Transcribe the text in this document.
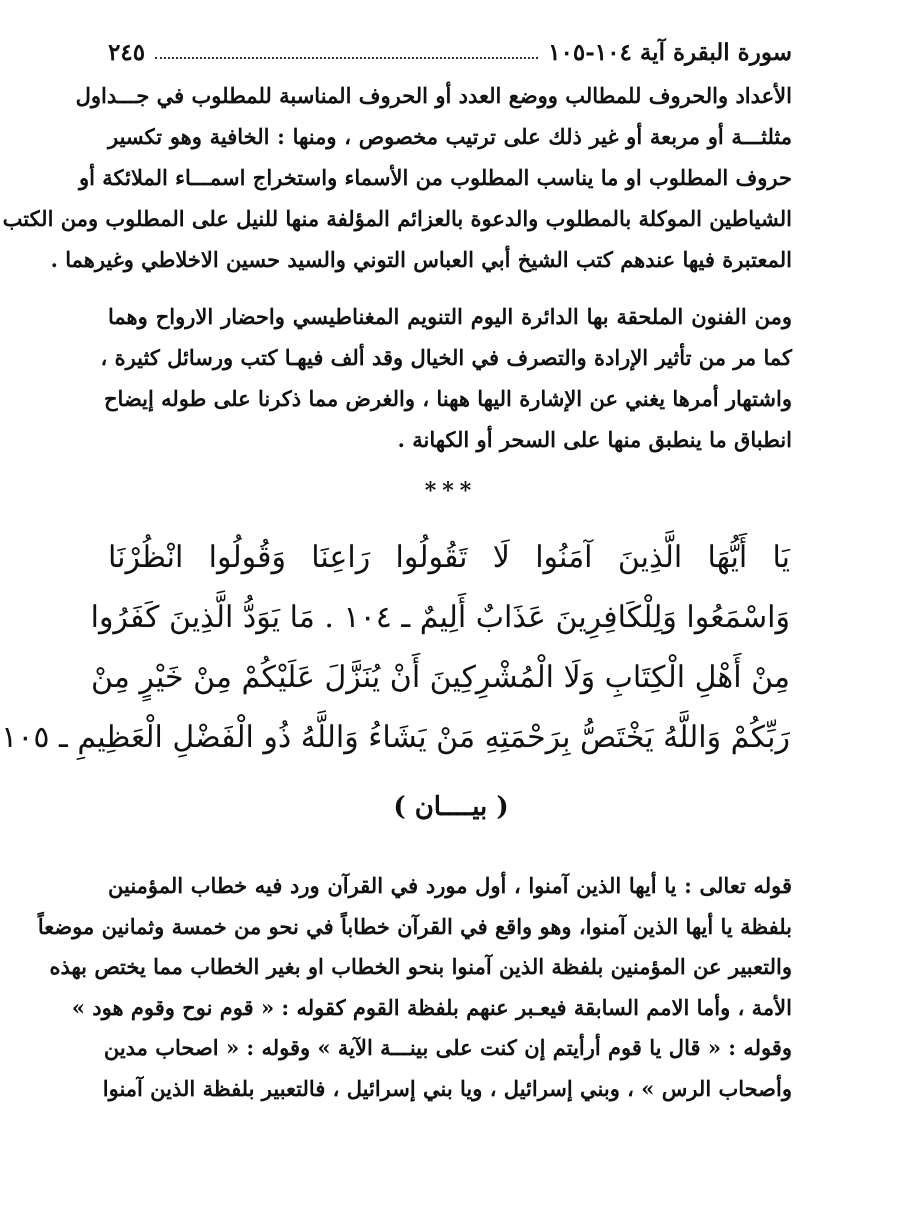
سورة البقرة آية ١٠٤-١٠٥
٢٤٥
الأعداد والحروف للمطالب ووضع العدد أو الحروف المناسبة للمطلوب في جـــداول
مثلثـــة أو مربعة أو غير ذلك على ترتيب مخصوص ، ومنها : الخافية وهو تكسير
حروف المطلوب او ما يناسب المطلوب من الأسماء واستخراج اسمـــاء الملائكة أو
الشياطين الموكلة بالمطلوب والدعوة بالعزائم المؤلفة منها للنيل على المطلوب ومن الكتب
المعتبرة فيها عندهم كتب الشيخ أبي العباس التوني والسيد حسين الاخلاطي وغيرهما .
ومن الفنون الملحقة بها الدائرة اليوم التنويم المغناطيسي واحضار الارواح وهما
كما مر من تأثير الإرادة والتصرف في الخيال وقد ألف فيهـا كتب ورسائل كثيرة ،
واشتهار أمرها يغني عن الإشارة اليها ههنا ، والغرض مما ذكرنا على طوله إيضاح
انطباق ما ينطبق منها على السحر أو الكهانة .
***
يَا أَيُّهَا الَّذِينَ آمَنُوا لَا تَقُولُوا رَاعِنَا وَقُولُوا انْظُرْنَا
وَاسْمَعُوا وَلِلْكَافِرِينَ عَذَابٌ أَلِيمٌ ـ ١٠٤ . مَا يَوَدُّ الَّذِينَ كَفَرُوا
مِنْ أَهْلِ الْكِتَابِ وَلَا الْمُشْرِكِينَ أَنْ يُنَزَّلَ عَلَيْكُمْ مِنْ خَيْرٍ مِنْ
رَبِّكُمْ وَاللَّهُ يَخْتَصُّ بِرَحْمَتِهِ مَنْ يَشَاءُ وَاللَّهُ ذُو الْفَضْلِ الْعَظِيمِ ـ ١٠٥
( بيــــان )
قوله تعالى : يا أيها الذين آمنوا ، أول مورد في القرآن ورد فيه خطاب المؤمنين
بلفظة يا أيها الذين آمنوا، وهو واقع في القرآن خطاباً في نحو من خمسة وثمانين موضعاً
والتعبير عن المؤمنين بلفظة الذين آمنوا بنحو الخطاب او بغير الخطاب مما يختص بهذه
الأمة ، وأما الامم السابقة فيعـبر عنهم بلفظة القوم كقوله : « قوم نوح وقوم هود »
وقوله : « قال يا قوم أرأيتم إن كنت على بينـــة الآية » وقوله : « اصحاب مدين
وأصحاب الرس » ، وبني إسرائيل ، ويا بني إسرائيل ، فالتعبير بلفظة الذين آمنوا
